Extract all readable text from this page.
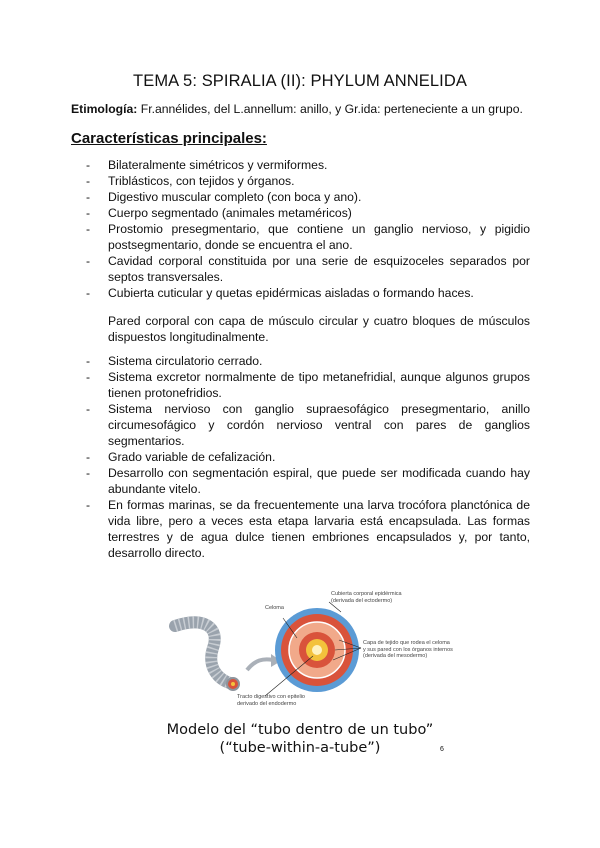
TEMA 5: SPIRALIA (II): PHYLUM ANNELIDA
Etimología: Fr.annélides, del L.annellum: anillo, y Gr.ida: perteneciente a un grupo.
Características principales:
- Bilateralmente simétricos y vermiformes.
- Triblásticos, con tejidos y órganos.
- Digestivo muscular completo (con boca y ano).
- Cuerpo segmentado (animales metaméricos)
- Prostomio presegmentario, que contiene un ganglio nervioso, y pigidio postsegmentario, donde se encuentra el ano.
- Cavidad corporal constituida por una serie de esquizoceles separados por septos transversales.
- Cubierta cuticular y quetas epidérmicas aisladas o formando haces.
Pared corporal con capa de músculo circular y cuatro bloques de músculos dispuestos longitudinalmente.
- Sistema circulatorio cerrado.
- Sistema excretor normalmente de tipo metanefridial, aunque algunos grupos tienen protonefridios.
- Sistema nervioso con ganglio supraesofágico presegmentario, anillo circumesofágico y cordón nervioso ventral con pares de ganglios segmentarios.
- Grado variable de cefalización.
- Desarrollo con segmentación espiral, que puede ser modificada cuando hay abundante vitelo.
- En formas marinas, se da frecuentemente una larva trocófora planctónica de vida libre, pero a veces esta etapa larvaria está encapsulada. Las formas terrestres y de agua dulce tienen embriones encapsulados y, por tanto, desarrollo directo.
Celoma
Cubierta corporal epidérmica (derivada del ectodermo)
Capa de tejido que rodea el celoma y sus pared con los órganos internos (derivada del mesodermo)
Tracto digestivo con epitelio derivado del endodermo
Modelo del “tubo dentro de un tubo”
(“tube-within-a-tube”)	6
